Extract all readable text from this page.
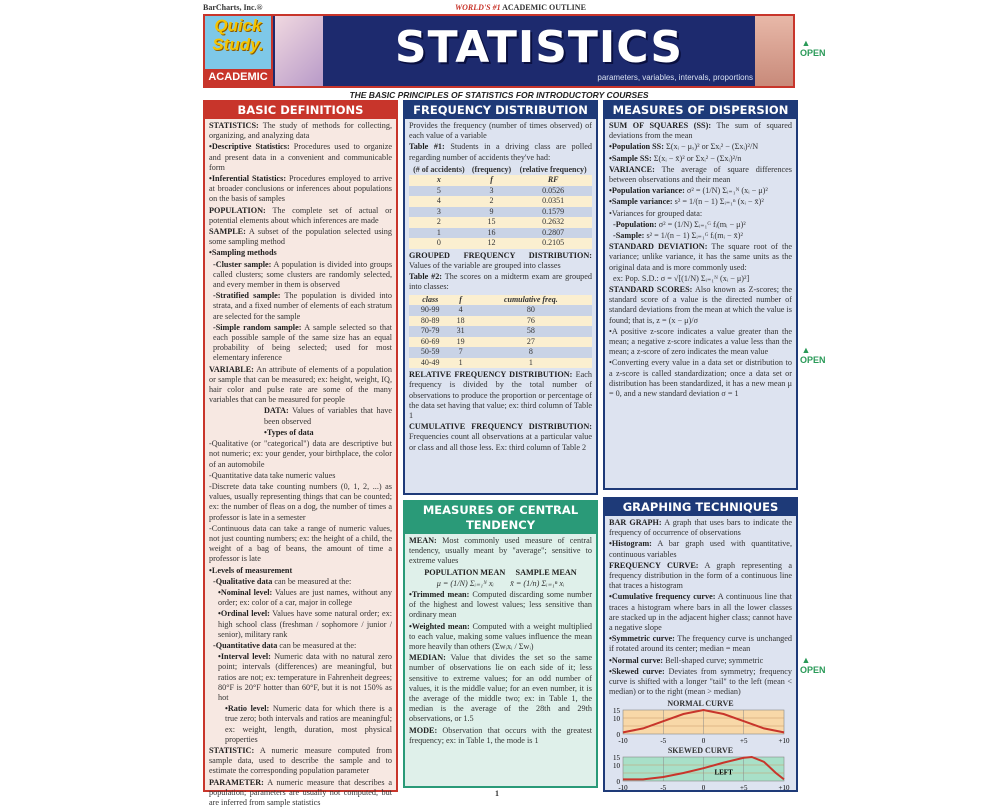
BarCharts, Inc.®	WORLD'S #1 ACADEMIC OUTLINE
Quick
Study.
ACADEMIC
STATISTICS
parameters, variables, intervals, proportions
THE BASIC PRINCIPLES OF STATISTICS FOR INTRODUCTORY COURSES
▲
OPEN
▲
OPEN
▲
OPEN
BASIC DEFINITIONS
STATISTICS: The study of methods for collecting, organizing, and analyzing data
•Descriptive Statistics: Procedures used to organize and present data in a convenient and communicable form
•Inferential Statistics: Procedures employed to arrive at broader conclusions or inferences about populations on the basis of samples
POPULATION: The complete set of actual or potential elements about which inferences are made
SAMPLE: A subset of the population selected using some sampling method
•Sampling methods
-Cluster sample: A population is divided into groups called clusters; some clusters are randomly selected, and every member in them is observed
-Stratified sample: The population is divided into strata, and a fixed number of elements of each stratum are selected for the sample
-Simple random sample: A sample selected so that each possible sample of the same size has an equal probability of being selected; used for most elementary inference
VARIABLE: An attribute of elements of a population or sample that can be measured; ex: height, weight, IQ, hair color and pulse rate are some of the many variables that can be measured for people
DATA: Values of variables that have been observed
•Types of data
-Qualitative (or "categorical") data are descriptive but not numeric; ex: your gender, your birthplace, the color of an automobile
-Quantitative data take numeric values
-Discrete data take counting numbers (0, 1, 2, ...) as values, usually representing things that can be counted; ex: the number of fleas on a dog, the number of times a professor is late in a semester
-Continuous data can take a range of numeric values, not just counting numbers; ex: the height of a child, the weight of a bag of beans, the amount of time a professor is late
•Levels of measurement
-Qualitative data can be measured at the:
•Nominal level: Values are just names, without any order; ex: color of a car, major in college
•Ordinal level: Values have some natural order; ex: high school class (freshman / sophomore / junior / senior), military rank
-Quantitative data can be measured at the:
•Interval level: Numeric data with no natural zero point; intervals (differences) are meaningful, but ratios are not; ex: temperature in Fahrenheit degrees; 80°F is 20°F hotter than 60°F, but it is not 150% as hot
•Ratio level: Numeric data for which there is a true zero; both intervals and ratios are meaningful; ex: weight, length, duration, most physical properties
STATISTIC: A numeric measure computed from sample data, used to describe the sample and to estimate the corresponding population parameter
PARAMETER: A numeric measure that describes a population; parameters are usually not computed, but are inferred from sample statistics
FREQUENCY DISTRIBUTION
Provides the frequency (number of times observed) of each value of a variable
Table #1: Students in a driving class are polled regarding number of accidents they've had:
(# of accidents)	(frequency)	(relative frequency)
x	f	RF
5	3	0.0526
4	2	0.0351
3	9	0.1579
2	15	0.2632
1	16	0.2807
0	12	0.2105
GROUPED FREQUENCY DISTRIBUTION: Values of the variable are grouped into classes
Table #2: The scores on a midterm exam are grouped into classes:
class	f	cumulative freq.
90-99	4	80
80-89	18	76
70-79	31	58
60-69	19	27
50-59	7	8
40-49	1	1
RELATIVE FREQUENCY DISTRIBUTION: Each frequency is divided by the total number of observations to produce the proportion or percentage of the data set having that value; ex: third column of Table 1
CUMULATIVE FREQUENCY DISTRIBUTION: Frequencies count all observations at a particular value or class and all those less. Ex: third column of Table 2
MEASURES OF CENTRAL TENDENCY
MEAN: Most commonly used measure of central tendency, usually meant by "average"; sensitive to extreme values
POPULATION MEAN     SAMPLE MEAN
μ = (1/N) Σᵢ₌₁ᴺ xᵢ        x̄ = (1/n) Σᵢ₌₁ⁿ xᵢ
•Trimmed mean: Computed discarding some number of the highest and lowest values; less sensitive than ordinary mean
•Weighted mean: Computed with a weight multiplied to each value, making some values influence the mean more heavily than others (Σwᵢxᵢ / Σwᵢ)
MEDIAN: Value that divides the set so the same number of observations lie on each side of it; less sensitive to extreme values; for an odd number of values, it is the middle value; for an even number, it is the average of the middle two; ex: in Table 1, the median is the average of the 28th and 29th observations, or 1.5
MODE: Observation that occurs with the greatest frequency; ex: in Table 1, the mode is 1
1
MEASURES OF DISPERSION
SUM OF SQUARES (SS): The sum of squared deviations from the mean
•Population SS: Σ(xᵢ − μₓ)² or Σxᵢ² − (Σxᵢ)²/N
•Sample SS: Σ(xᵢ − x̄)² or Σxᵢ² − (Σxᵢ)²/n
VARIANCE: The average of square differences between observations and their mean
•Population variance: σ² = (1/N) Σᵢ₌₁ᴺ (xᵢ − μ)²
•Sample variance: s² = 1/(n − 1) Σᵢ₌₁ⁿ (xᵢ − x̄)²
•Variances for grouped data:
-Population: σ² = (1/N) Σᵢ₌₁ᴳ fᵢ(mᵢ − μ)²
-Sample: s² = 1/(n − 1) Σᵢ₌₁ᴳ fᵢ(mᵢ − x̄)²
STANDARD DEVIATION: The square root of the variance; unlike variance, it has the same units as the original data and is more commonly used:
ex: Pop. S.D.: σ = √[(1/N) Σᵢ₌₁ᴺ (xᵢ − μ)²]
STANDARD SCORES: Also known as Z-scores; the standard score of a value is the directed number of standard deviations from the mean at which the value is found; that is, z = (x − μ)/σ
•A positive z-score indicates a value greater than the mean; a negative z-score indicates a value less than the mean; a z-score of zero indicates the mean value
•Converting every value in a data set or distribution to a z-score is called standardization; once a data set or distribution has been standardized, it has a new mean μ = 0, and a new standard deviation σ = 1
GRAPHING TECHNIQUES
BAR GRAPH: A graph that uses bars to indicate the frequency of occurrence of observations
•Histogram: A bar graph used with quantitative, continuous variables
FREQUENCY CURVE: A graph representing a frequency distribution in the form of a continuous line that traces a histogram
•Cumulative frequency curve: A continuous line that traces a histogram where bars in all the lower classes are stacked up in the adjacent higher class; cannot have a negative slope
•Symmetric curve: The frequency curve is unchanged if rotated around its center; median = mean
•Normal curve: Bell-shaped curve; symmetric
•Skewed curve: Deviates from symmetry; frequency curve is shifted with a longer "tail" to the left (mean < median) or to the right (mean > median)
NORMAL CURVE
0
10
15
-10	-5	0	+5	+10
SKEWED CURVE
0
10
15
-10	-5	0	+5	+10
LEFT
